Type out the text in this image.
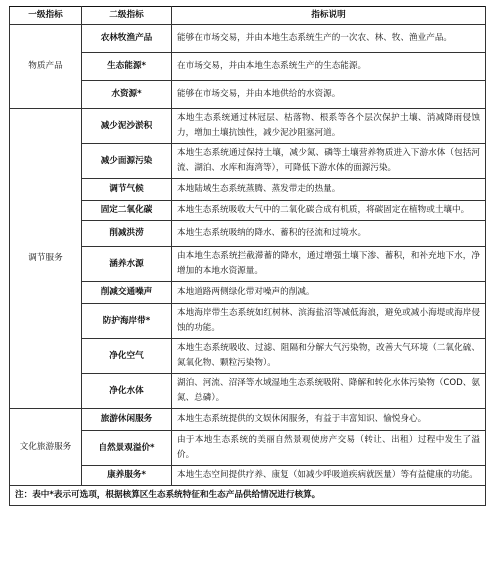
一级指标	二级指标	指标说明
物质产品	农林牧渔产品	能够在市场交易，并由本地生态系统生产的一次农、林、牧、渔业产品。
	生态能源*	在市场交易，并由本地生态系统生产的生态能源。
	水资源*	能够在市场交易，并由本地供给的水资源。
调节服务	减少泥沙淤积	本地生态系统通过林冠层、枯落物、根系等各个层次保护土壤、消减降雨侵蚀力，增加土壤抗蚀性，减少泥沙阻塞河道。
	减少面源污染	本地生态系统通过保持土壤，减少氮、磷等土壤营养物质进入下游水体（包括河流、湖泊、水库和海湾等），可降低下游水体的面源污染。
	调节气候	本地陆域生态系统蒸腾、蒸发带走的热量。
	固定二氧化碳	本地生态系统吸收大气中的二氧化碳合成有机质，将碳固定在植物或土壤中。
	削减洪涝	本地生态系统吸纳的降水、蓄积的径流和过境水。
	涵养水源	由本地生态系统拦截滞蓄的降水，通过增强土壤下渗、蓄积，和补充地下水，净增加的本地水资源量。
	削减交通噪声	本地道路两侧绿化带对噪声的削减。
	防护海岸带*	本地海岸带生态系统如红树林、滨海盐沼等减低海浪，避免或减小海堤或海岸侵蚀的功能。
	净化空气	本地生态系统吸收、过滤、阻隔和分解大气污染物，改善大气环境（二氧化硫、氮氧化物、颗粒污染物）。
	净化水体	湖泊、河流、沼泽等水域湿地生态系统吸附、降解和转化水体污染物（COD、氨氮、总磷）。
文化旅游服务	旅游休闲服务	本地生态系统提供的文娱休闲服务，有益于丰富知识、愉悦身心。
	自然景观溢价*	由于本地生态系统的美丽自然景观使房产交易（转让、出租）过程中发生了溢价。
	康养服务*	本地生态空间提供疗养、康复（如减少呼吸道疾病就医量）等有益健康的功能。
注：表中*表示可选项，根据核算区生态系统特征和生态产品供给情况进行核算。		
